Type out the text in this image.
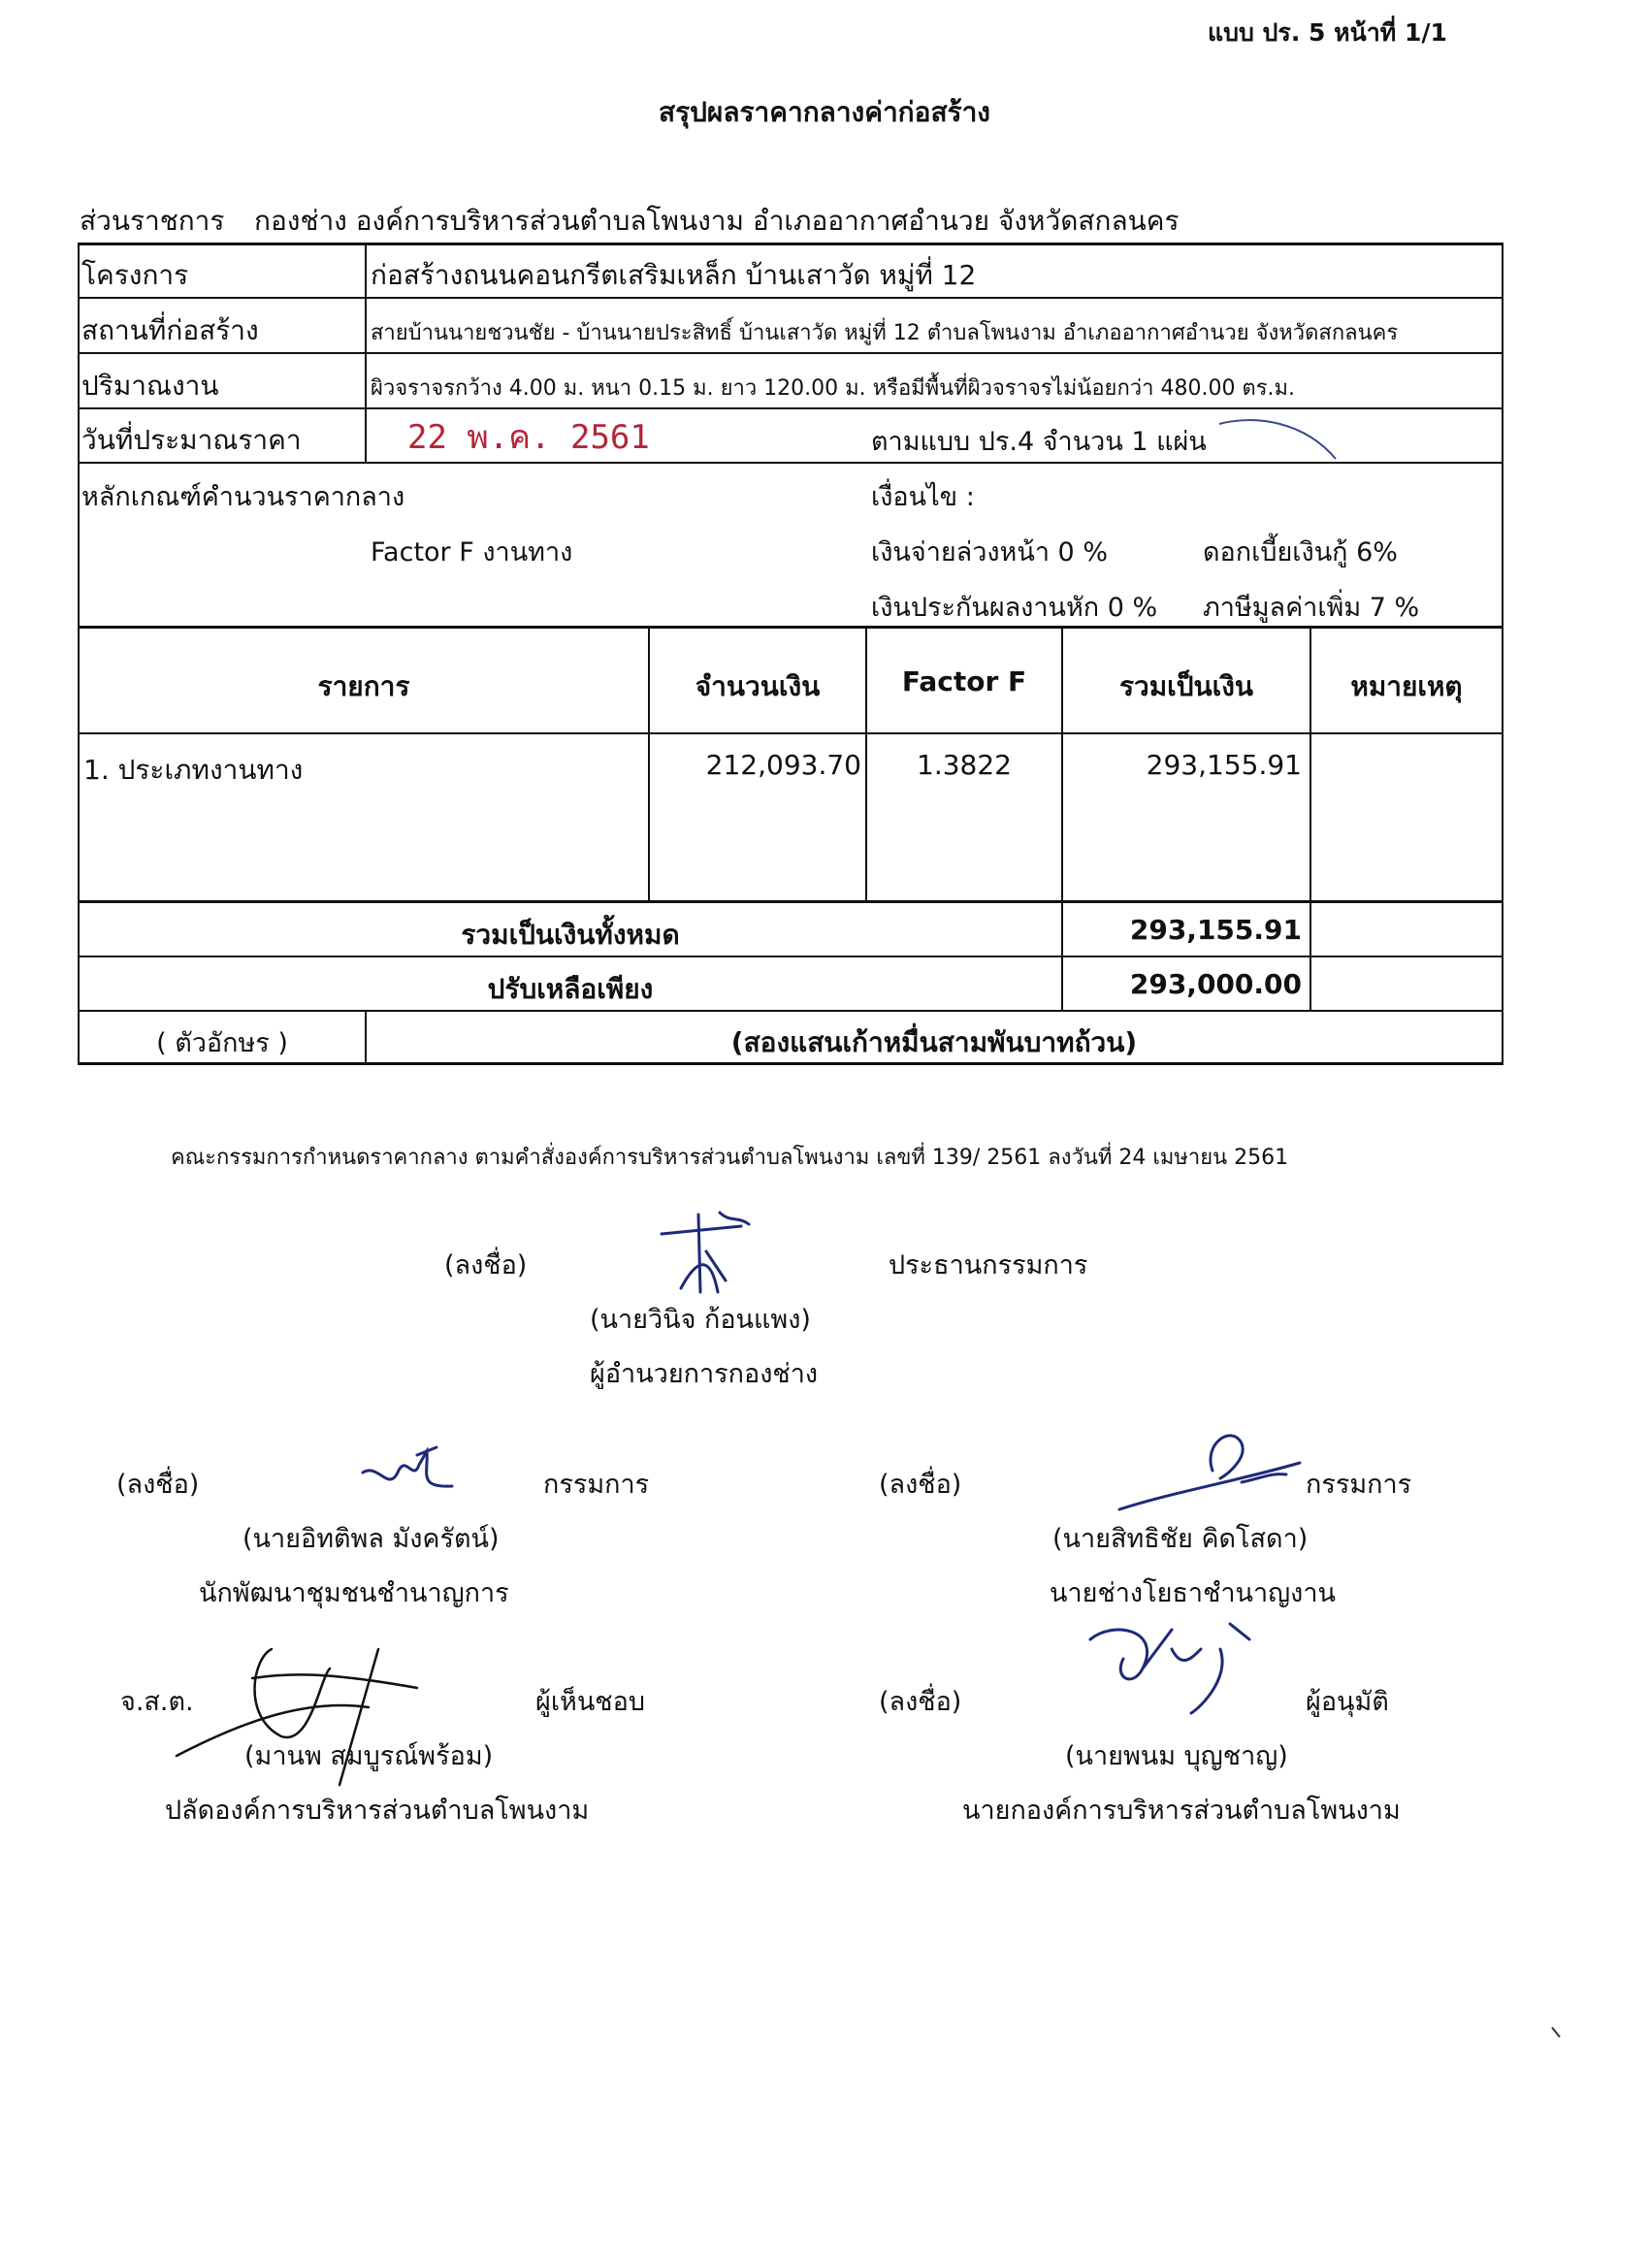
แบบ ปร. 5 หน้าที่ 1/1
สรุปผลราคากลางค่าก่อสร้าง
ส่วนราชการ กองช่าง องค์การบริหารส่วนตำบลโพนงาม อำเภออากาศอำนวย จังหวัดสกลนคร
โครงการ	ก่อสร้างถนนคอนกรีตเสริมเหล็ก บ้านเสาวัด หมู่ที่ 12
สถานที่ก่อสร้าง	สายบ้านนายชวนชัย - บ้านนายประสิทธิ์ บ้านเสาวัด หมู่ที่ 12 ตำบลโพนงาม อำเภออากาศอำนวย จังหวัดสกลนคร
ปริมาณงาน	ผิวจราจรกว้าง 4.00 ม. หนา 0.15 ม. ยาว 120.00 ม. หรือมีพื้นที่ผิวจราจรไม่น้อยกว่า 480.00 ตร.ม.
วันที่ประมาณราคา	22 พ.ค. 2561	ตามแบบ ปร.4 จำนวน 1 แผ่น
หลักเกณฑ์คำนวนราคากลาง
Factor F งานทาง
เงื่อนไข :
เงินจ่ายล่วงหน้า 0 %	ดอกเบี้ยเงินกู้ 6%
เงินประกันผลงานหัก 0 % ภาษีมูลค่าเพิ่ม 7 %
รายการ	จำนวนเงิน	Factor F	รวมเป็นเงิน	หมายเหตุ
1. ประเภทงานทาง	212,093.70	1.3822	293,155.91
รวมเป็นเงินทั้งหมด	293,155.91
ปรับเหลือเพียง	293,000.00
( ตัวอักษร )	(สองแสนเก้าหมื่นสามพันบาทถ้วน)
คณะกรรมการกำหนดราคากลาง ตามคำสั่งองค์การบริหารส่วนตำบลโพนงาม เลขที่ 139/ 2561 ลงวันที่ 24 เมษายน 2561
(ลงชื่อ)	ประธานกรรมการ
(นายวินิจ ก้อนแพง)
ผู้อำนวยการกองช่าง
(ลงชื่อ)	กรรมการ
(นายอิทติพล มังครัตน์)
นักพัฒนาชุมชนชำนาญการ
(ลงชื่อ)	กรรมการ
(นายสิทธิชัย คิดโสดา)
นายช่างโยธาชำนาญงาน
จ.ส.ต.	ผู้เห็นชอบ
(มานพ สมบูรณ์พร้อม)
ปลัดองค์การบริหารส่วนตำบลโพนงาม
(ลงชื่อ)	ผู้อนุมัติ
(นายพนม บุญชาญ)
นายกองค์การบริหารส่วนตำบลโพนงาม
